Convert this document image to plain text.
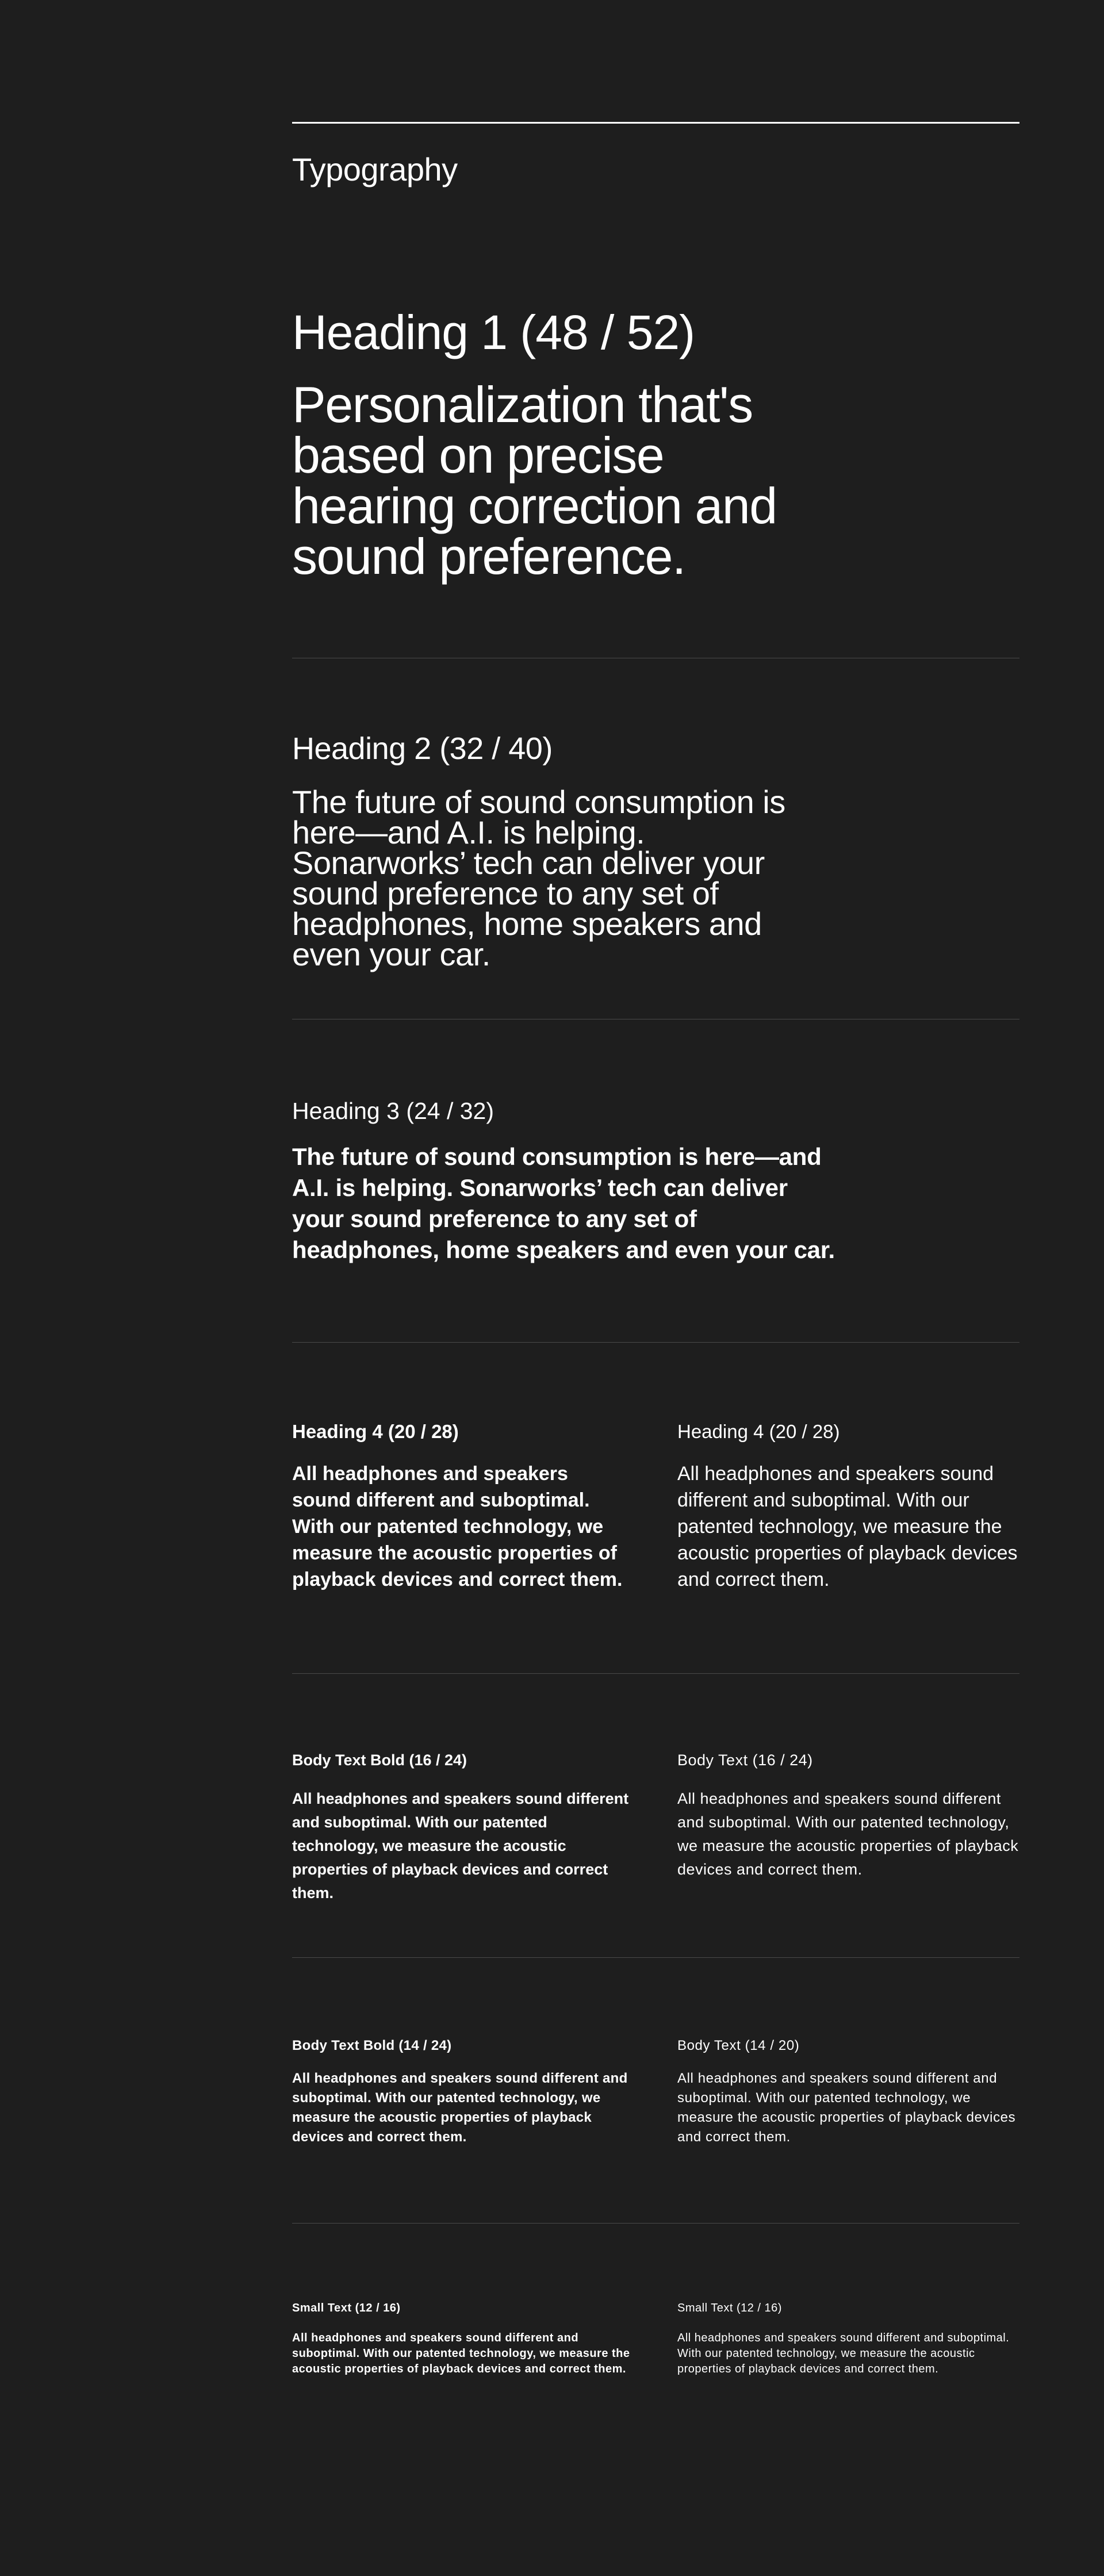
Typography

Heading 1 (48 / 52)

Personalization that's based on precise hearing correction and sound preference.

Heading 2 (32 / 40)

The future of sound consumption is here—and A.I. is helping. Sonarworks’ tech can deliver your sound preference to any set of headphones, home speakers and even your car.

Heading 3 (24 / 32)

The future of sound consumption is here—and A.I. is helping. Sonarworks’ tech can deliver your sound preference to any set of headphones, home speakers and even your car.

Heading 4 (20 / 28)

All headphones and speakers sound different and suboptimal. With our patented technology, we measure the acoustic properties of playback devices and correct them.

Heading 4 (20 / 28)

All headphones and speakers sound different and suboptimal. With our patented technology, we measure the acoustic properties of playback devices and correct them.

Body Text Bold (16 / 24)

All headphones and speakers sound different and suboptimal. With our patented technology, we measure the acoustic properties of playback devices and correct them.

Body Text (16 / 24)

All headphones and speakers sound different and suboptimal. With our patented technology, we measure the acoustic properties of playback devices and correct them.

Body Text Bold (14 / 24)

All headphones and speakers sound different and suboptimal. With our patented technology, we measure the acoustic properties of playback devices and correct them.

Body Text (14 / 20)

All headphones and speakers sound different and suboptimal. With our patented technology, we measure the acoustic properties of playback devices and correct them.

Small Text (12 / 16)

All headphones and speakers sound different and suboptimal. With our patented technology, we measure the acoustic properties of playback devices and correct them.

Small Text (12 / 16)

All headphones and speakers sound different and suboptimal. With our patented technology, we measure the acoustic properties of playback devices and correct them.
